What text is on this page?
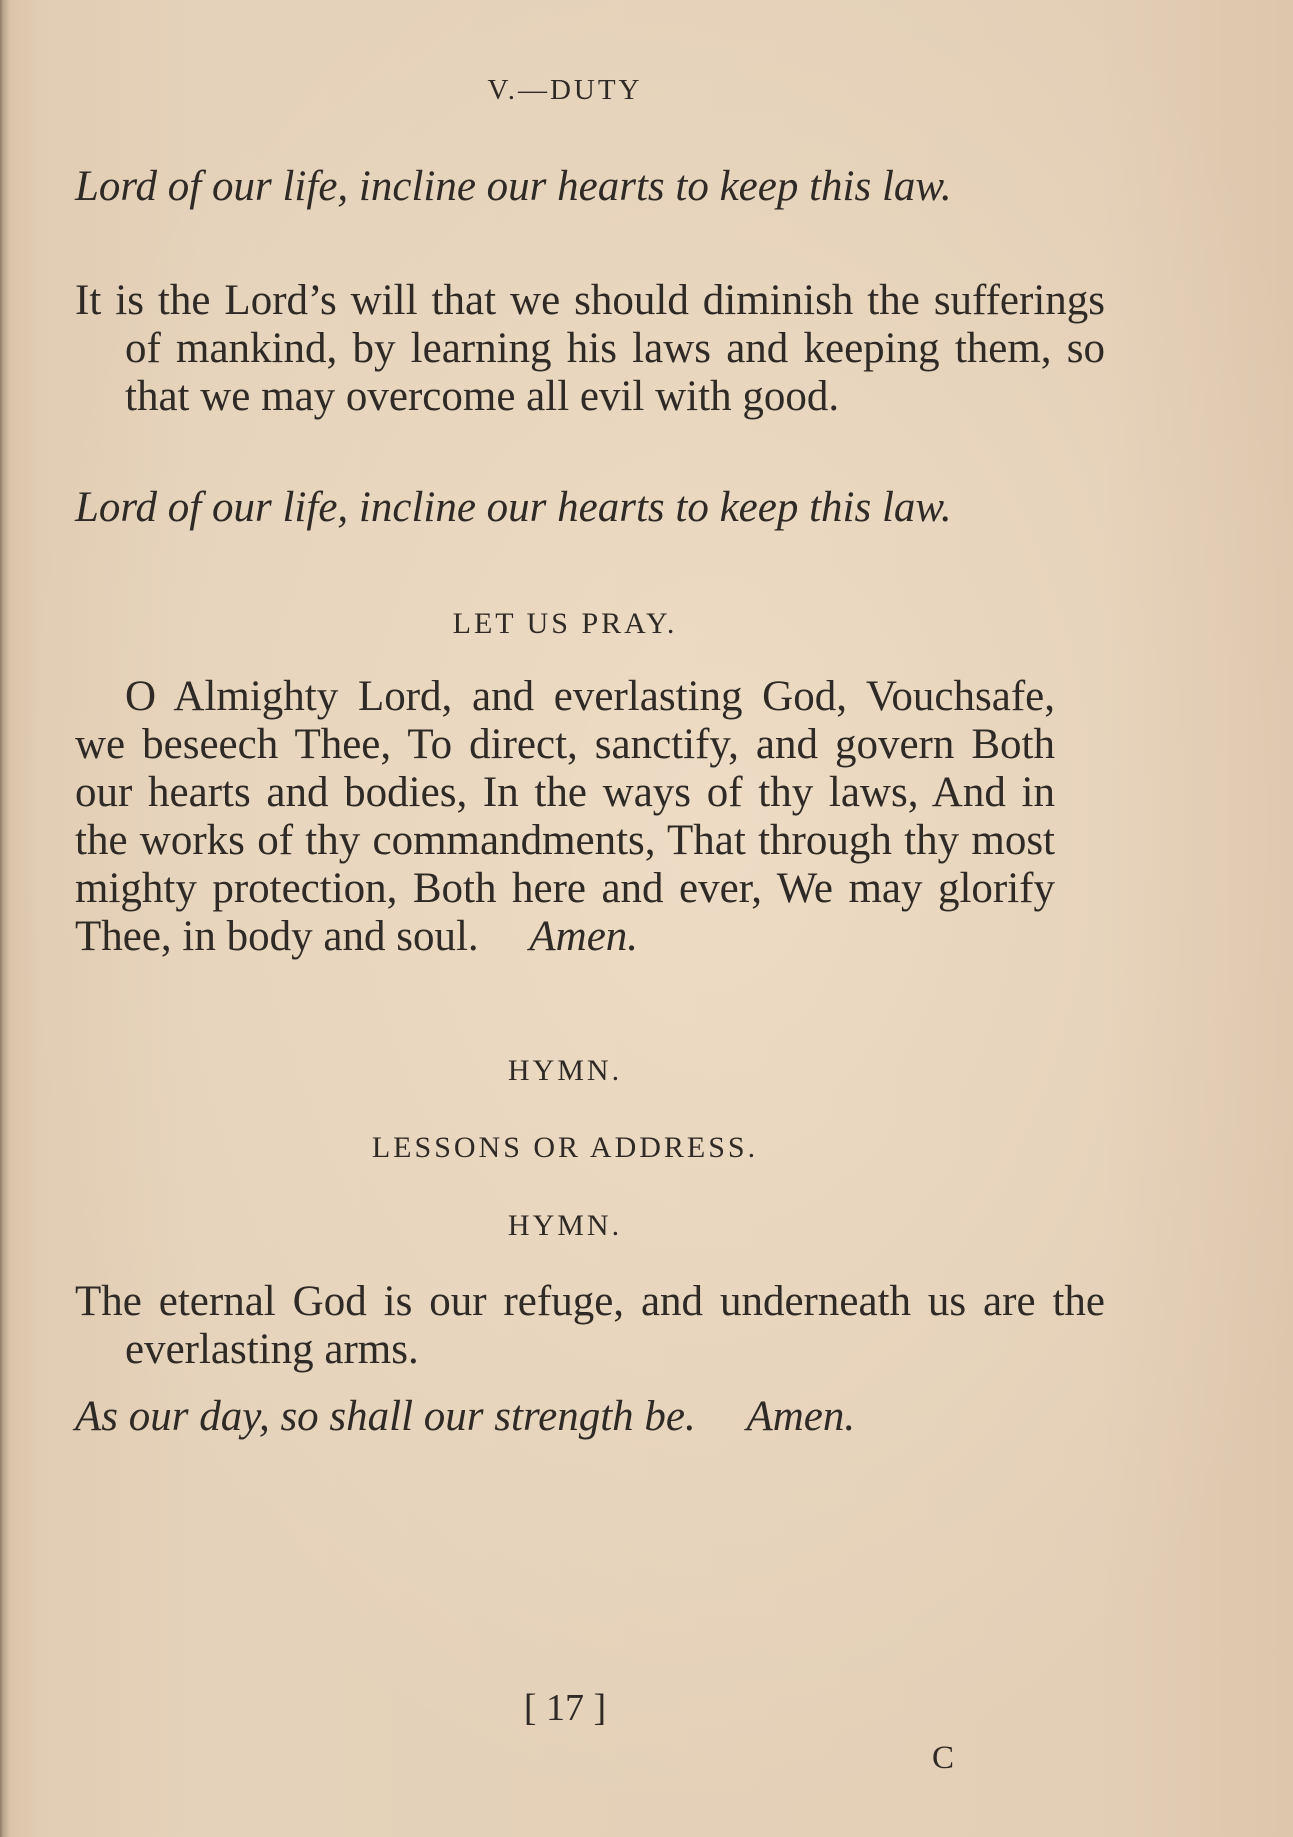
V.—DUTY
Lord of our life, incline our hearts to keep this law.
It is the Lord’s will that we should diminish the sufferings of mankind, by learning his laws and keeping them, so that we may overcome all evil with good.
Lord of our life, incline our hearts to keep this law.
LET US PRAY.
O Almighty Lord, and everlasting God, Vouchsafe, we beseech Thee, To direct, sanctify, and govern Both our hearts and bodies, In the ways of thy laws, And in the works of thy commandments, That through thy most mighty protection, Both here and ever, We may glorify Thee, in body and soul. Amen.
HYMN.
LESSONS OR ADDRESS.
HYMN.
The eternal God is our refuge, and underneath us are the everlasting arms.
As our day, so shall our strength be. Amen.
[ 17 ]
C
